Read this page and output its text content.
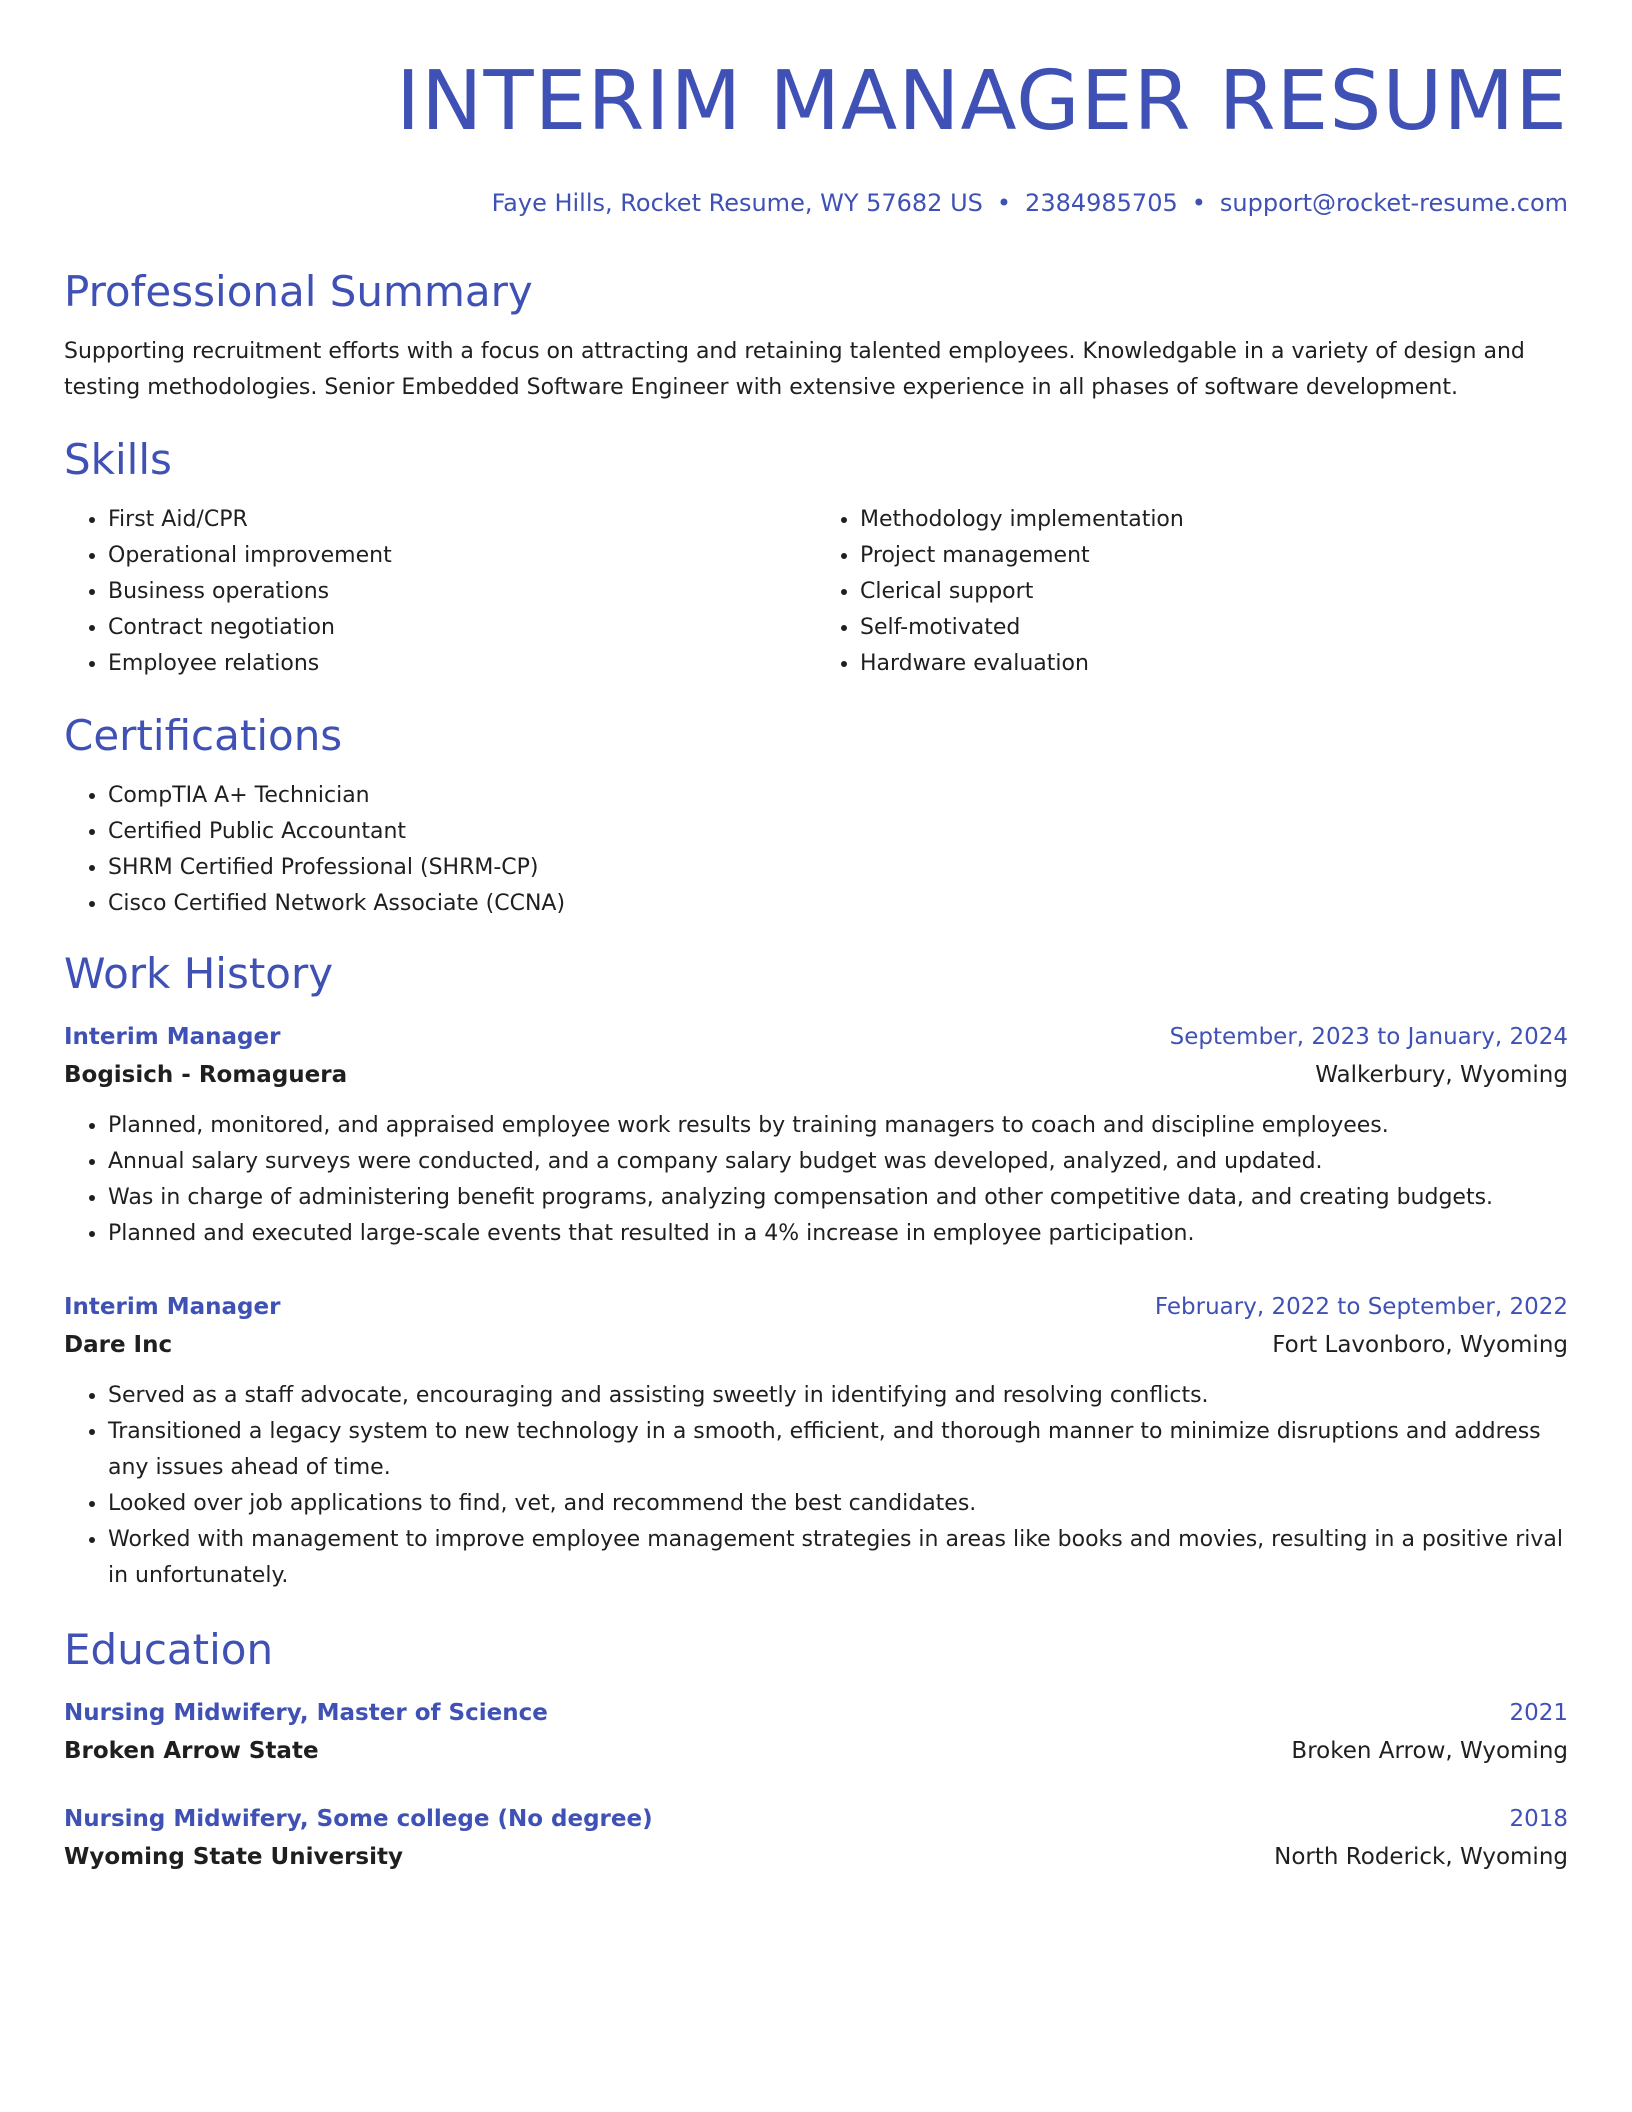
INTERIM MANAGER RESUME
Faye Hills, Rocket Resume, WY 57682 US • 2384985705 • support@rocket-resume.com
Professional Summary

Supporting recruitment efforts with a focus on attracting and retaining talented employees. Knowledgable in a variety of design and testing methodologies. Senior Embedded Software Engineer with extensive experience in all phases of software development.

Skills
• First Aid/CPR
• Operational improvement
• Business operations
• Contract negotiation
• Employee relations
• Methodology implementation
• Project management
• Clerical support
• Self-motivated
• Hardware evaluation
Certifications
• CompTIA A+ Technician
• Certified Public Accountant
• SHRM Certified Professional (SHRM-CP)
• Cisco Certified Network Associate (CCNA)
Work History
Interim Manager	September, 2023 to January, 2024
Bogisich - Romaguera	Walkerbury, Wyoming
• Planned, monitored, and appraised employee work results by training managers to coach and discipline employees.
• Annual salary surveys were conducted, and a company salary budget was developed, analyzed, and updated.
• Was in charge of administering benefit programs, analyzing compensation and other competitive data, and creating budgets.
• Planned and executed large-scale events that resulted in a 4% increase in employee participation.
Interim Manager	February, 2022 to September, 2022
Dare Inc	Fort Lavonboro, Wyoming
• Served as a staff advocate, encouraging and assisting sweetly in identifying and resolving conflicts.
• Transitioned a legacy system to new technology in a smooth, efficient, and thorough manner to minimize disruptions and address any issues ahead of time.
• Looked over job applications to find, vet, and recommend the best candidates.
• Worked with management to improve employee management strategies in areas like books and movies, resulting in a positive rival in unfortunately.
Education
Nursing Midwifery, Master of Science	2021
Broken Arrow State	Broken Arrow, Wyoming
Nursing Midwifery, Some college (No degree)	2018
Wyoming State University	North Roderick, Wyoming
